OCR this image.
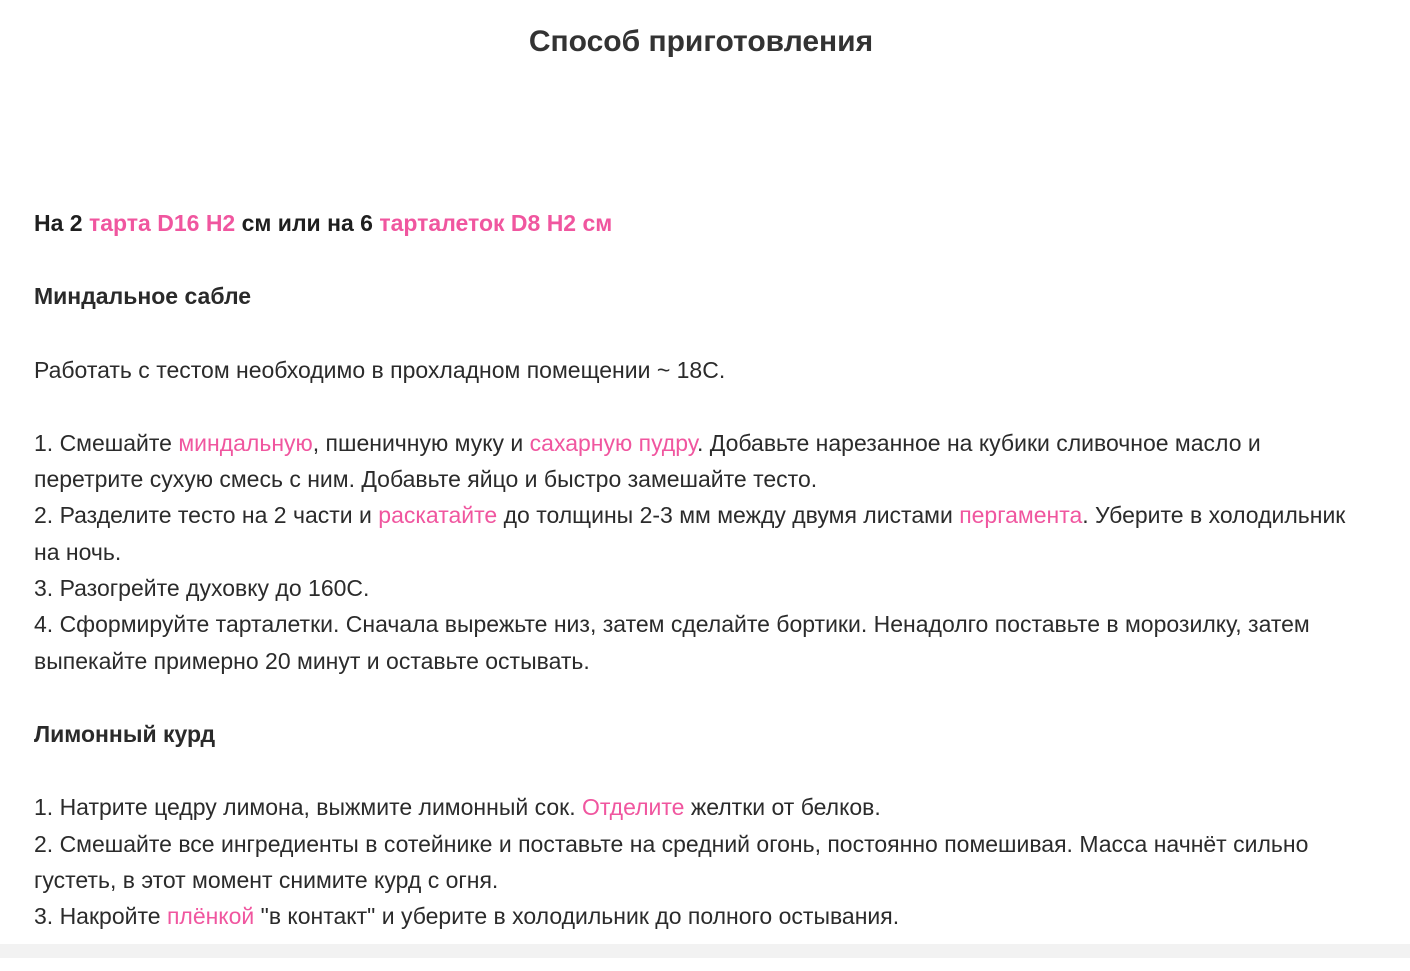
Способ приготовления
На 2 тарта D16 H2 см или на 6 тарталеток D8 H2 см
Миндальное сабле
Работать с тестом необходимо в прохладном помещении ~ 18С.
1. Смешайте миндальную, пшеничную муку и сахарную пудру. Добавьте нарезанное на кубики сливочное масло и перетрите сухую смесь с ним. Добавьте яйцо и быстро замешайте тесто.
2. Разделите тесто на 2 части и раскатайте до толщины 2-3 мм между двумя листами пергамента. Уберите в холодильник на ночь.
3. Разогрейте духовку до 160С.
4. Сформируйте тарталетки. Сначала вырежьте низ, затем сделайте бортики. Ненадолго поставьте в морозилку, затем выпекайте примерно 20 минут и оставьте остывать.
Лимонный курд
1. Натрите цедру лимона, выжмите лимонный сок. Отделите желтки от белков.
2. Смешайте все ингредиенты в сотейнике и поставьте на средний огонь, постоянно помешивая. Масса начнёт сильно густеть, в этот момент снимите курд с огня.
3. Накройте плёнкой "в контакт" и уберите в холодильник до полного остывания.
